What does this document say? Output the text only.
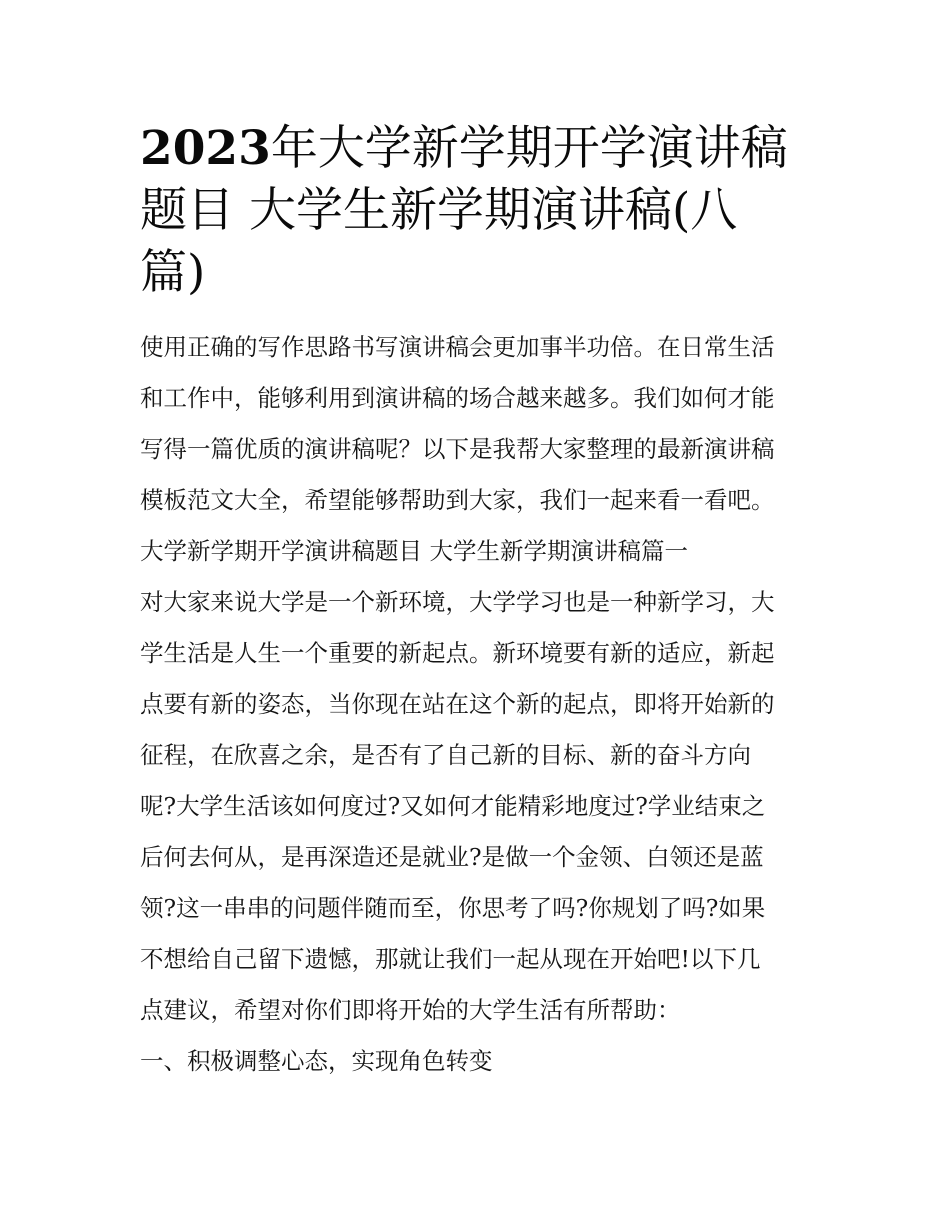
2023年大学新学期开学演讲稿
题目 大学生新学期演讲稿(八
篇)

使用正确的写作思路书写演讲稿会更加事半功倍。在日常生活
和工作中，能够利用到演讲稿的场合越来越多。我们如何才能
写得一篇优质的演讲稿呢？以下是我帮大家整理的最新演讲稿
模板范文大全，希望能够帮助到大家，我们一起来看一看吧。

大学新学期开学演讲稿题目 大学生新学期演讲稿篇一

对大家来说大学是一个新环境，大学学习也是一种新学习，大
学生活是人生一个重要的新起点。新环境要有新的适应，新起
点要有新的姿态，当你现在站在这个新的起点，即将开始新的
征程，在欣喜之余，是否有了自己新的目标、新的奋斗方向
呢?大学生活该如何度过?又如何才能精彩地度过?学业结束之
后何去何从，是再深造还是就业?是做一个金领、白领还是蓝
领?这一串串的问题伴随而至，你思考了吗?你规划了吗?如果
不想给自己留下遗憾，那就让我们一起从现在开始吧!以下几
点建议，希望对你们即将开始的大学生活有所帮助：

一、积极调整心态，实现角色转变
